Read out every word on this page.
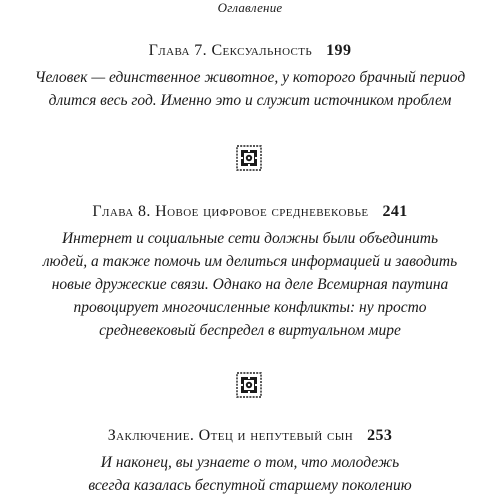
Оглавление
Глава 7. Сексуальность 199
Человек — единственное животное, у которого брачный период
длится весь год. Именно это и служит источником проблем
Глава 8. Новое цифровое средневековье 241
Интернет и социальные сети должны были объединить
людей, а также помочь им делиться информацией и заводить
новые дружеские связи. Однако на деле Всемирная паутина
провоцирует многочисленные конфликты: ну просто
средневековый беспредел в виртуальном мире
Заключение. Отец и непутевый сын 253
И наконец, вы узнаете о том, что молодежь
всегда казалась беспутной старшему поколению
